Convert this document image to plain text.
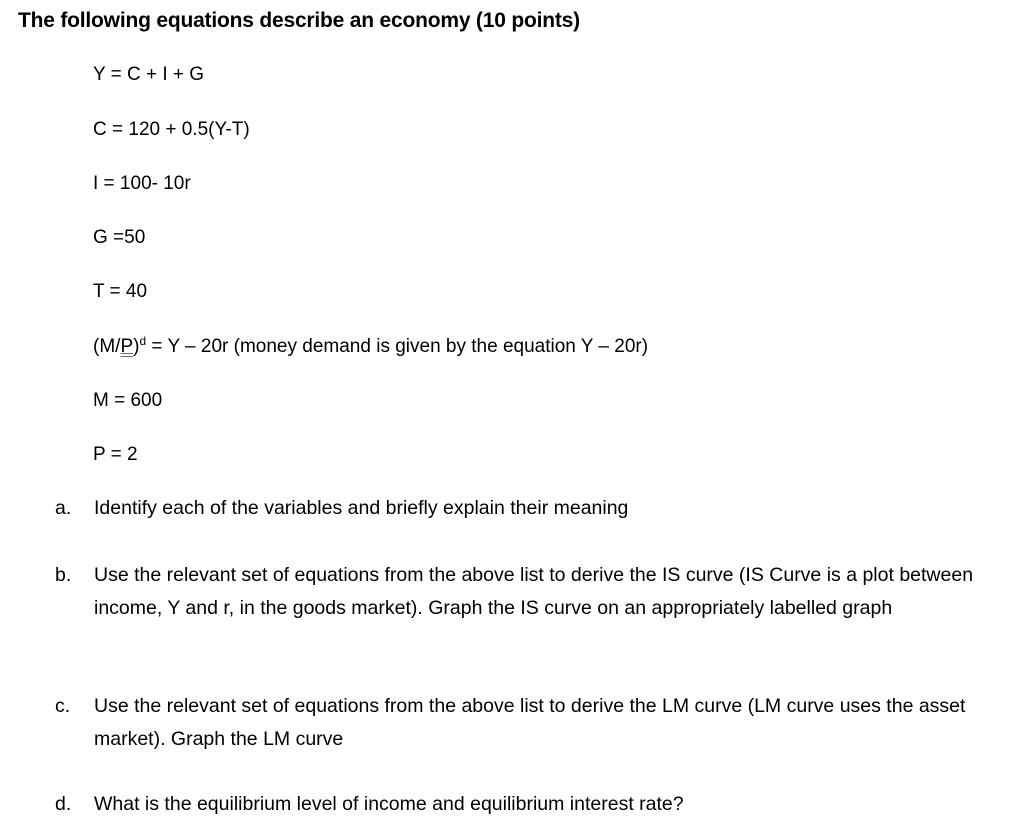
The following equations describe an economy (10 points)
Y = C + I + G
C = 120 + 0.5(Y-T)
I = 100- 10r
G =50
T = 40
$(M/P)^d = Y - 20r$ (money demand is given by the equation Y – 20r)
M = 600
P = 2
a. Identify each of the variables and briefly explain their meaning
b. Use the relevant set of equations from the above list to derive the IS curve (IS Curve is a plot between income, Y and r, in the goods market). Graph the IS curve on an appropriately labelled graph
c. Use the relevant set of equations from the above list to derive the LM curve (LM curve uses the asset market). Graph the LM curve
d. What is the equilibrium level of income and equilibrium interest rate?
